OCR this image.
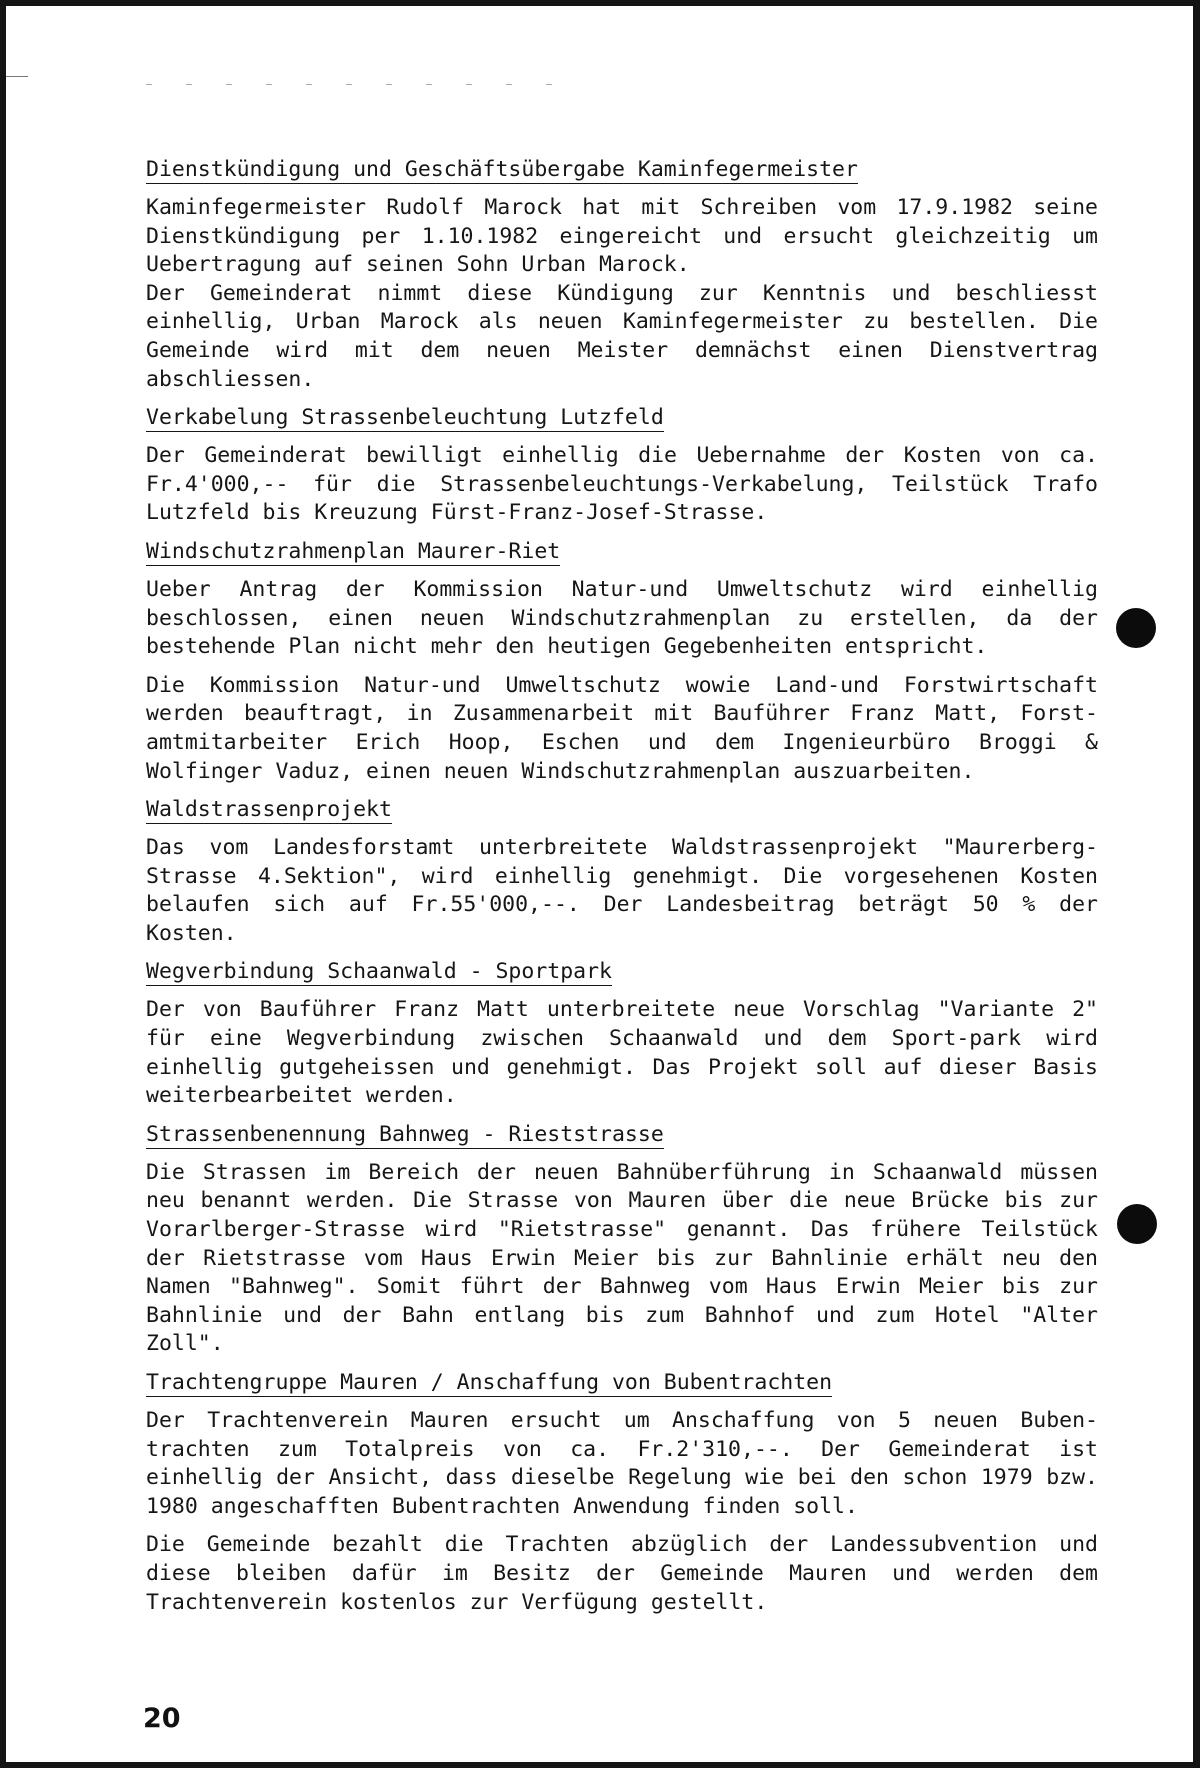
Dienstkündigung und Geschäftsübergabe Kaminfegermeister

Kaminfegermeister Rudolf Marock hat mit Schreiben vom 17.9.1982 seine Dienstkündigung per 1.10.1982 eingereicht und ersucht gleichzeitig um Uebertragung auf seinen Sohn Urban Marock.
Der Gemeinderat nimmt diese Kündigung zur Kenntnis und beschliesst einhellig, Urban Marock als neuen Kaminfegermeister zu bestellen. Die Gemeinde wird mit dem neuen Meister demnächst einen Dienstvertrag abschliessen.

Verkabelung Strassenbeleuchtung Lutzfeld

Der Gemeinderat bewilligt einhellig die Uebernahme der Kosten von ca. Fr.4'000,-- für die Strassenbeleuchtungs-Verkabelung, Teilstück Trafo Lutzfeld bis Kreuzung Fürst-Franz-Josef-Strasse.

Windschutzrahmenplan Maurer-Riet

Ueber Antrag der Kommission Natur-und Umweltschutz wird einhellig beschlossen, einen neuen Windschutzrahmenplan zu erstellen, da der bestehende Plan nicht mehr den heutigen Gegebenheiten entspricht.

Die Kommission Natur-und Umweltschutz wowie Land-und Forstwirtschaft werden beauftragt, in Zusammenarbeit mit Bauführer Franz Matt, Forst-amtmitarbeiter Erich Hoop, Eschen und dem Ingenieurbüro Broggi & Wolfinger Vaduz, einen neuen Windschutzrahmenplan auszuarbeiten.

Waldstrassenprojekt

Das vom Landesforstamt unterbreitete Waldstrassenprojekt "Maurerberg-Strasse 4.Sektion", wird einhellig genehmigt. Die vorgesehenen Kosten belaufen sich auf Fr.55'000,--. Der Landesbeitrag beträgt 50 % der Kosten.

Wegverbindung Schaanwald - Sportpark

Der von Bauführer Franz Matt unterbreitete neue Vorschlag "Variante 2" für eine Wegverbindung zwischen Schaanwald und dem Sport-park wird einhellig gutgeheissen und genehmigt. Das Projekt soll auf dieser Basis weiterbearbeitet werden.

Strassenbenennung Bahnweg - Rieststrasse

Die Strassen im Bereich der neuen Bahnüberführung in Schaanwald müssen neu benannt werden. Die Strasse von Mauren über die neue Brücke bis zur Vorarlberger-Strasse wird "Rietstrasse" genannt. Das frühere Teilstück der Rietstrasse vom Haus Erwin Meier bis zur Bahnlinie erhält neu den Namen "Bahnweg". Somit führt der Bahnweg vom Haus Erwin Meier bis zur Bahnlinie und der Bahn entlang bis zum Bahnhof und zum Hotel "Alter Zoll".

Trachtengruppe Mauren / Anschaffung von Bubentrachten

Der Trachtenverein Mauren ersucht um Anschaffung von 5 neuen Buben-trachten zum Totalpreis von ca. Fr.2'310,--. Der Gemeinderat ist einhellig der Ansicht, dass dieselbe Regelung wie bei den schon 1979 bzw. 1980 angeschafften Bubentrachten Anwendung finden soll.

Die Gemeinde bezahlt die Trachten abzüglich der Landessubvention und diese bleiben dafür im Besitz der Gemeinde Mauren und werden dem Trachtenverein kostenlos zur Verfügung gestellt.

20
